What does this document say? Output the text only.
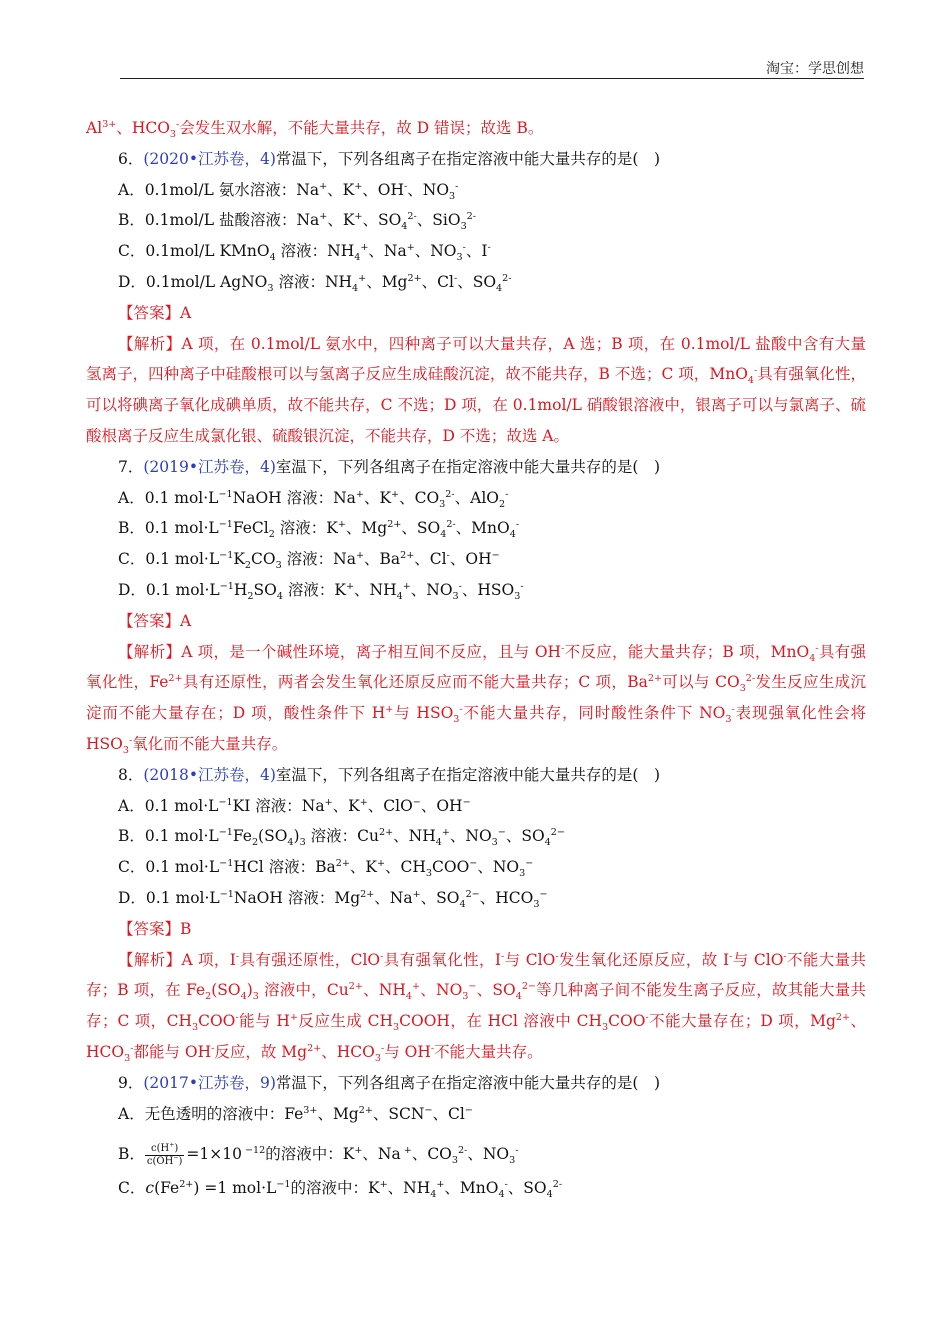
淘宝：学思创想
$Al^{3+}$、$HCO_3^-$会发生双水解，不能大量共存，故 D 错误；故选 B。
6．(2020•江苏卷，4)常温下，下列各组离子在指定溶液中能大量共存的是(　)
A．0.1mol/L 氨水溶液：Na+、K+、OH-、$NO_3^-$
B．0.1mol/L 盐酸溶液：Na+、K+、$SO_4^{2-}$、SiO$_3^{2-}$
C．0.1mol/L KMnO$_4$ 溶液：$NH_4^+$、Na+、$NO_3^-$、I-
D．0.1mol/L AgNO$_3$ 溶液：$NH_4^+$、$Mg^{2+}$、Cl-、$SO_4^{2-}$
【答案】A
【解析】A 项，在 0.1mol/L 氨水中，四种离子可以大量共存，A 选；B 项，在 0.1mol/L 盐酸中含有大量氢离子，四种离子中硅酸根可以与氢离子反应生成硅酸沉淀，故不能共存，B 不选；C 项，MnO$_4$-具有强氧化性，可以将碘离子氧化成碘单质，故不能共存，C 不选；D 项，在 0.1mol/L 硝酸银溶液中，银离子可以与氯离子、硫酸根离子反应生成氯化银、硫酸银沉淀，不能共存，D 不选；故选 A。
7．(2019•江苏卷，4)室温下，下列各组离子在指定溶液中能大量共存的是(　)
A．0.1 $mol\cdot L^{-1}NaOH$ 溶液：Na+、K+、$CO_3^{2-}$、AlO$_2$-
B．0.1 $mol\cdot L^{-1}FeCl_2$ 溶液：K+、$Mg^{2+}$、$SO_4^{2-}$、MnO$_4$-
C．0.1 $mol\cdot L^{-1}K_2CO_3$ 溶液：Na+、$Ba^{2+}$、Cl-、OH−
D．0.1 $mol\cdot L^{-1}H_2SO_4$ 溶液：K+、$NH_4^+$、$NO_3^-$、$HSO_3^-$
【答案】A
【解析】A 项，是一个碱性环境，离子相互间不反应，且与 OH-不反应，能大量共存；B 项，MnO$_4$-具有强氧化性，$Fe^{2+}$具有还原性，两者会发生氧化还原反应而不能大量共存；C 项，$Ba^{2+}$可以与 $CO_3^{2-}$发生反应生成沉淀而不能大量存在；D 项，酸性条件下 H+与 $HSO_3^-$不能大量共存，同时酸性条件下 $NO_3^-$表现强氧化性会将 $HSO_3^-$氧化而不能大量共存。
8．(2018•江苏卷，4)室温下，下列各组离子在指定溶液中能大量共存的是(　)
A．0.1 $mol\cdot L^{-1}KI$ 溶液：Na+、K+、ClO−、OH−
B．0.1 $mol\cdot L^{-1}Fe_2(SO_4)_3$ 溶液：$Cu^{2+}$、$NH_4^+$、$NO_3^-$、$SO_4^{2-}$
C．0.1 $mol\cdot L^{-1}HCl$ 溶液：$Ba^{2+}$、K+、$CH_3COO^-$、$NO_3^-$
D．0.1 $mol\cdot L^{-1}NaOH$ 溶液：$Mg^{2+}$、Na+、$SO_4^{2-}$、$HCO_3^-$
【答案】B
【解析】A 项，I-具有强还原性，ClO-具有强氧化性，I-与 ClO-发生氧化还原反应，故 I-与 ClO-不能大量共存；B 项，在 $Fe_2(SO_4)_3$ 溶液中，$Cu^{2+}$、$NH_4^+$、$NO_3^-$、$SO_4^{2-}$等几种离子间不能发生离子反应，故其能大量共存；C 项，$CH_3COO^-$能与 H+反应生成 $CH_3COOH$，在 HCl 溶液中 $CH_3COO^-$不能大量存在；D 项，$Mg^{2+}$、$HCO_3^-$都能与 OH-反应，故 $Mg^{2+}$、$HCO_3^-$与 OH-不能大量共存。
9．(2017•江苏卷，9)常温下，下列各组离子在指定溶液中能大量共存的是(　)
A．无色透明的溶液中：$Fe^{3+}$、$Mg^{2+}$、SCN−、Cl−
B． $\frac{c(H^+)}{c(OH^-)} =1\times 10$ $^{-12}$的溶液中：K+、Na +、$CO_3^{2-}$、$NO_3^-$
C．$c(Fe^{2+}) =1$ $mol\cdot L^{-1}$的溶液中：K+、$NH_4^+$、MnO$_4$-、$SO_4^{2-}$
